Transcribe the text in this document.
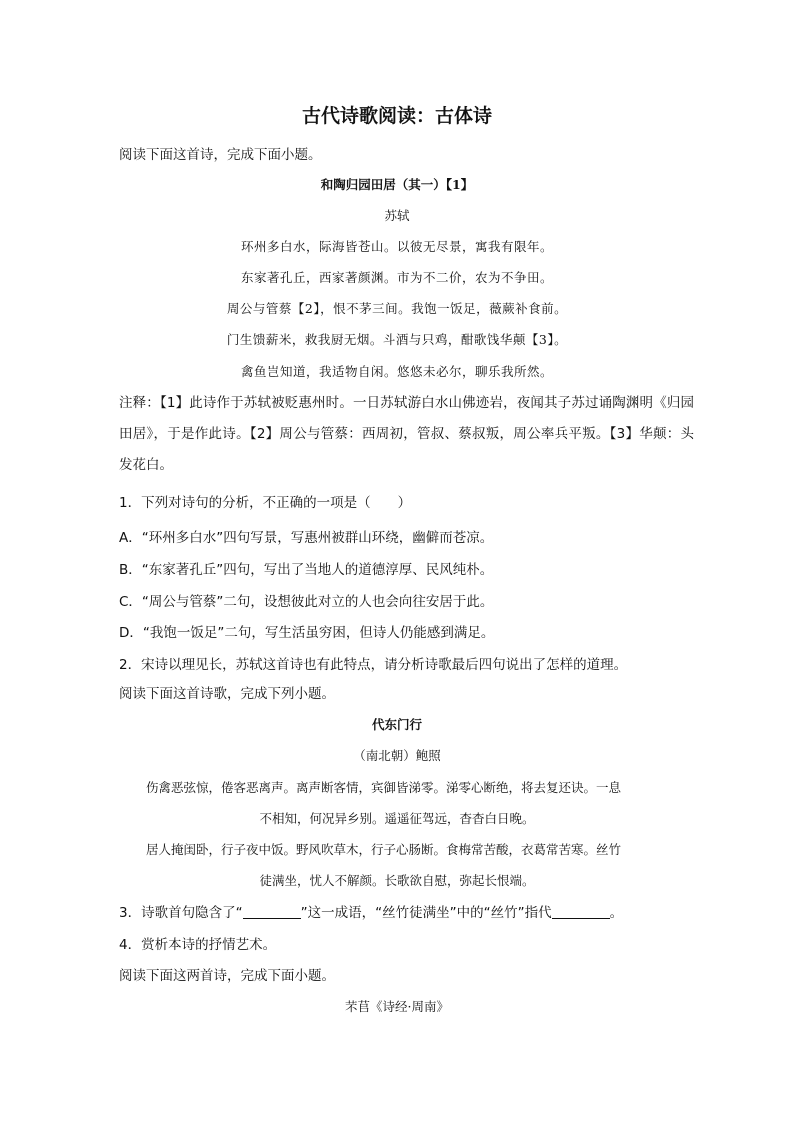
古代诗歌阅读：古体诗
阅读下面这首诗，完成下面小题。
和陶归园田居（其一）【1】
苏轼
环州多白水，际海皆苍山。以彼无尽景，寓我有限年。
东家著孔丘，西家著颜渊。市为不二价，农为不争田。
周公与管蔡【2】，恨不茅三间。我饱一饭足，薇蕨补食前。
门生馈薪米，救我厨无烟。斗酒与只鸡，酣歌饯华颠【3】。
禽鱼岂知道，我适物自闲。悠悠未必尔，聊乐我所然。
注释：【1】此诗作于苏轼被贬惠州时。一日苏轼游白水山佛迹岩，夜闻其子苏过诵陶渊明《归园田居》，于是作此诗。【2】周公与管蔡：西周初，管叔、蔡叔叛，周公率兵平叛。【3】华颠：头发花白。
1．下列对诗句的分析，不正确的一项是（　　）
A．“环州多白水”四句写景，写惠州被群山环绕，幽僻而苍凉。
B．“东家著孔丘”四句，写出了当地人的道德淳厚、民风纯朴。
C．“周公与管蔡”二句，设想彼此对立的人也会向往安居于此。
D．“我饱一饭足”二句，写生活虽穷困，但诗人仍能感到满足。
2．宋诗以理见长，苏轼这首诗也有此特点，请分析诗歌最后四句说出了怎样的道理。
阅读下面这首诗歌，完成下列小题。
代东门行
（南北朝）鲍照
伤禽恶弦惊，倦客恶离声。离声断客情，宾御皆涕零。涕零心断绝，将去复还诀。一息
不相知，何况异乡别。遥遥征驾远，杳杳白日晚。
居人掩闺卧，行子夜中饭。野风吹草木，行子心肠断。食梅常苦酸，衣葛常苦寒。丝竹
徒满坐，忧人不解颜。长歌欲自慰，弥起长恨端。
3．诗歌首句隐含了“	”这一成语，“丝竹徒满坐”中的“丝竹”指代	。
4．赏析本诗的抒情艺术。
阅读下面这两首诗，完成下面小题。
芣苢《诗经·周南》
